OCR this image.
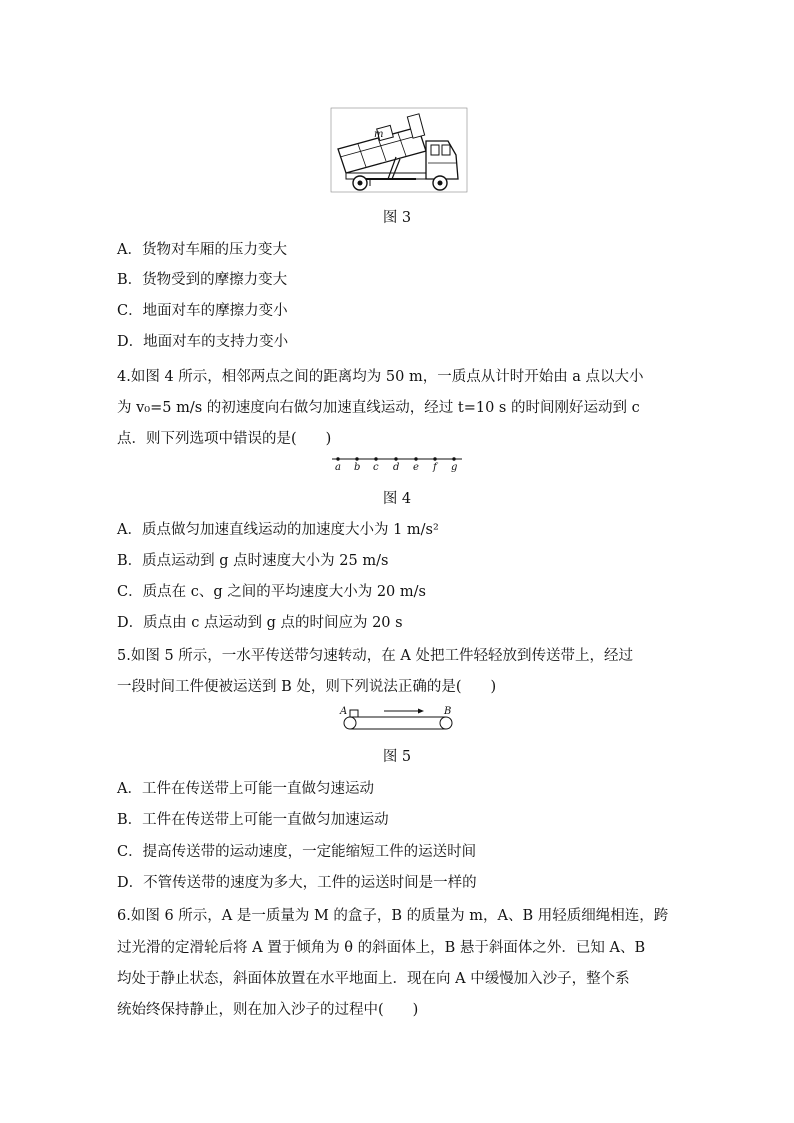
m
图 3
A．货物对车厢的压力变大
B．货物受到的摩擦力变大
C．地面对车的摩擦力变小
D．地面对车的支持力变小
4.如图 4 所示，相邻两点之间的距离均为 50 m，一质点从计时开始由 a 点以大小
为 v₀=5 m/s 的初速度向右做匀加速直线运动，经过 t=10 s 的时间刚好运动到 c
点．则下列选项中错误的是(　　)
a b c d e f g
图 4
A．质点做匀加速直线运动的加速度大小为 1 m/s²
B．质点运动到 g 点时速度大小为 25 m/s
C．质点在 c、g 之间的平均速度大小为 20 m/s
D．质点由 c 点运动到 g 点的时间应为 20 s
5.如图 5 所示，一水平传送带匀速转动，在 A 处把工件轻轻放到传送带上，经过
一段时间工件便被运送到 B 处，则下列说法正确的是(　　)
A	B
图 5
A．工件在传送带上可能一直做匀速运动
B．工件在传送带上可能一直做匀加速运动
C．提高传送带的运动速度，一定能缩短工件的运送时间
D．不管传送带的速度为多大，工件的运送时间是一样的
6.如图 6 所示，A 是一质量为 M 的盒子，B 的质量为 m，A、B 用轻质细绳相连，跨
过光滑的定滑轮后将 A 置于倾角为 θ 的斜面体上，B 悬于斜面体之外．已知 A、B
均处于静止状态，斜面体放置在水平地面上．现在向 A 中缓慢加入沙子，整个系
统始终保持静止，则在加入沙子的过程中(　　)
